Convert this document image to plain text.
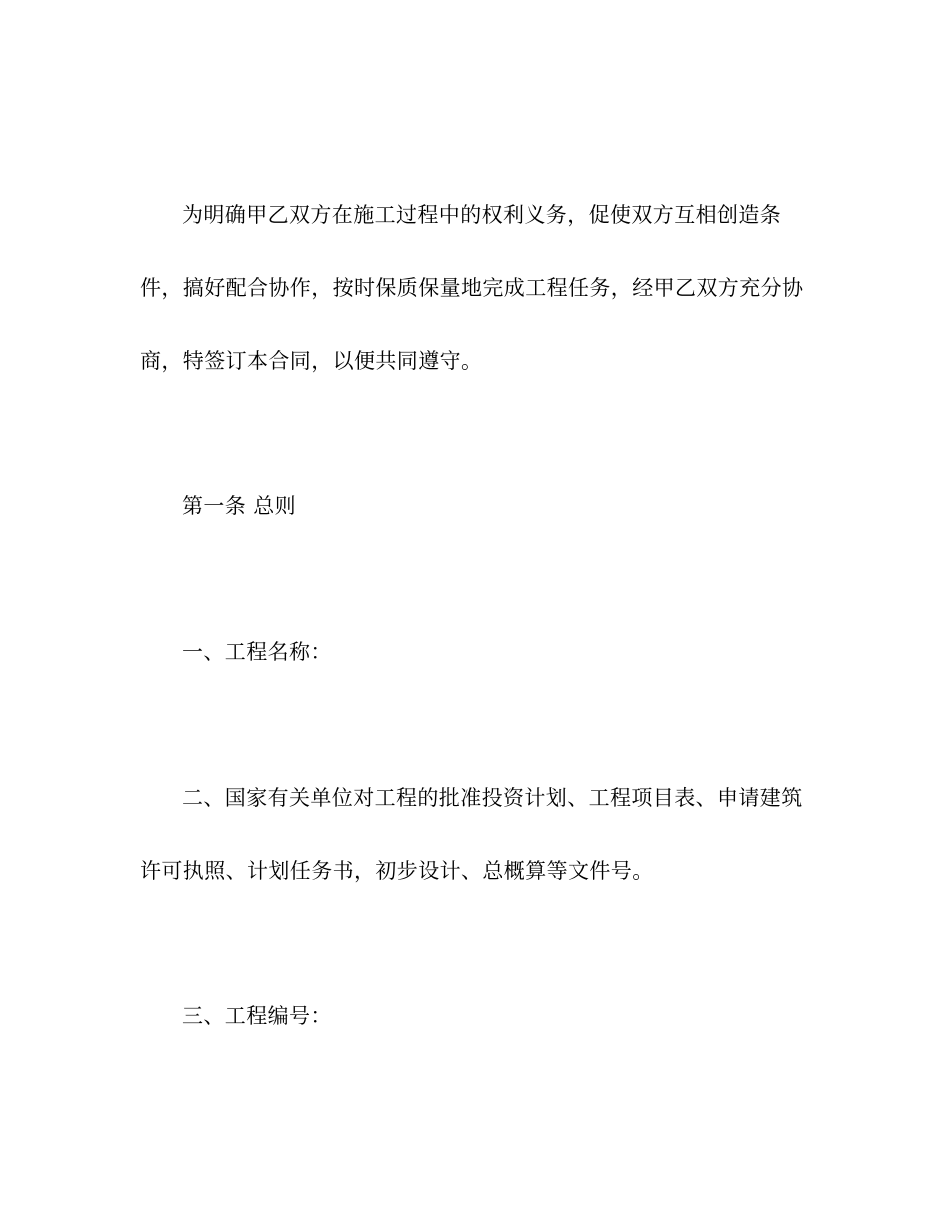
为明确甲乙双方在施工过程中的权利义务，促使双方互相创造条
件，搞好配合协作，按时保质保量地完成工程任务，经甲乙双方充分协
商，特签订本合同，以便共同遵守。
第一条 总则
一、工程名称：
二、国家有关单位对工程的批准投资计划、工程项目表、申请建筑
许可执照、计划任务书，初步设计、总概算等文件号。
三、工程编号：
